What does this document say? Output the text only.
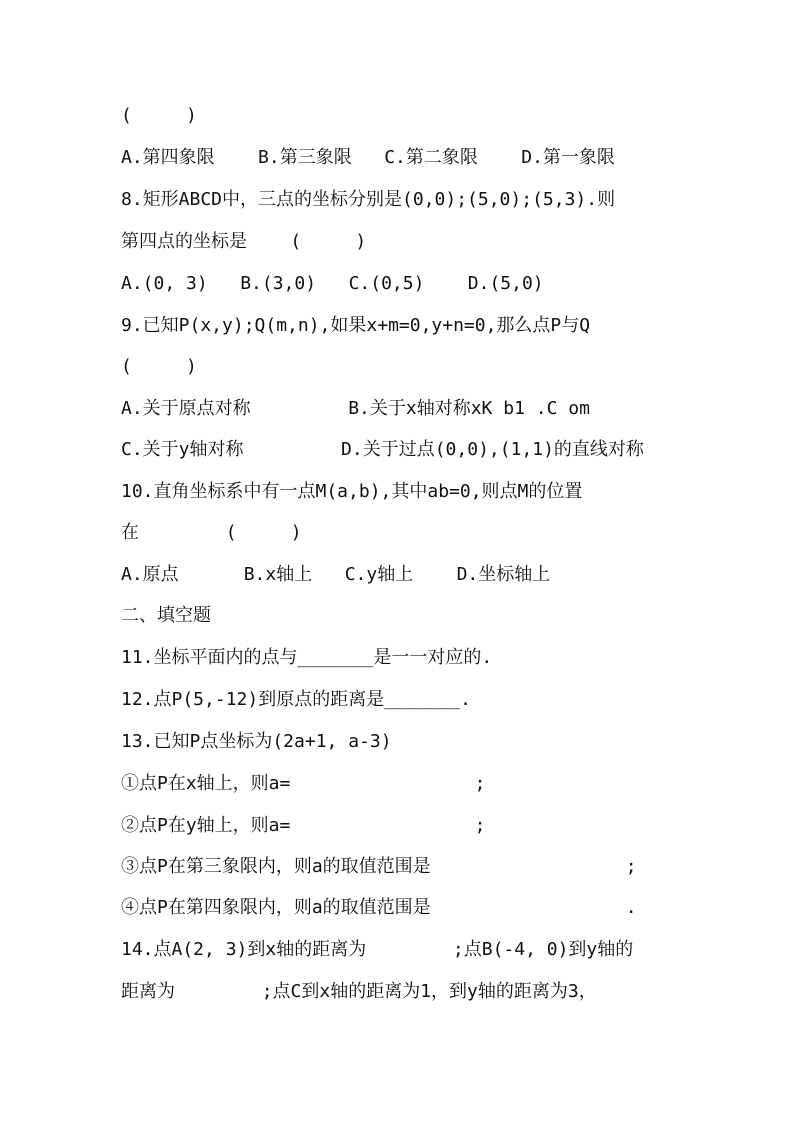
(     )
A.第四象限    B.第三象限   C.第二象限    D.第一象限
8.矩形ABCD中，三点的坐标分别是(0,0);(5,0);(5,3).则
第四点的坐标是    (     )
A.(0, 3)   B.(3,0)   C.(0,5)    D.(5,0)
9.已知P(x,y);Q(m,n),如果x+m=0,y+n=0,那么点P与Q
(     )
A.关于原点对称         B.关于x轴对称xK b1 .C om
C.关于y轴对称         D.关于过点(0,0),(1,1)的直线对称
10.直角坐标系中有一点M(a,b),其中ab=0,则点M的位置
在        (     )
A.原点      B.x轴上   C.y轴上    D.坐标轴上
二、填空题
11.坐标平面内的点与_______是一一对应的.
12.点P(5,-12)到原点的距离是_______.
13.已知P点坐标为(2a+1, a-3)
①点P在x轴上，则a=                 ;
②点P在y轴上，则a=                 ;
③点P在第三象限内，则a的取值范围是                  ;
④点P在第四象限内，则a的取值范围是                  .
14.点A(2, 3)到x轴的距离为        ;点B(-4, 0)到y轴的
距离为        ;点C到x轴的距离为1，到y轴的距离为3，
